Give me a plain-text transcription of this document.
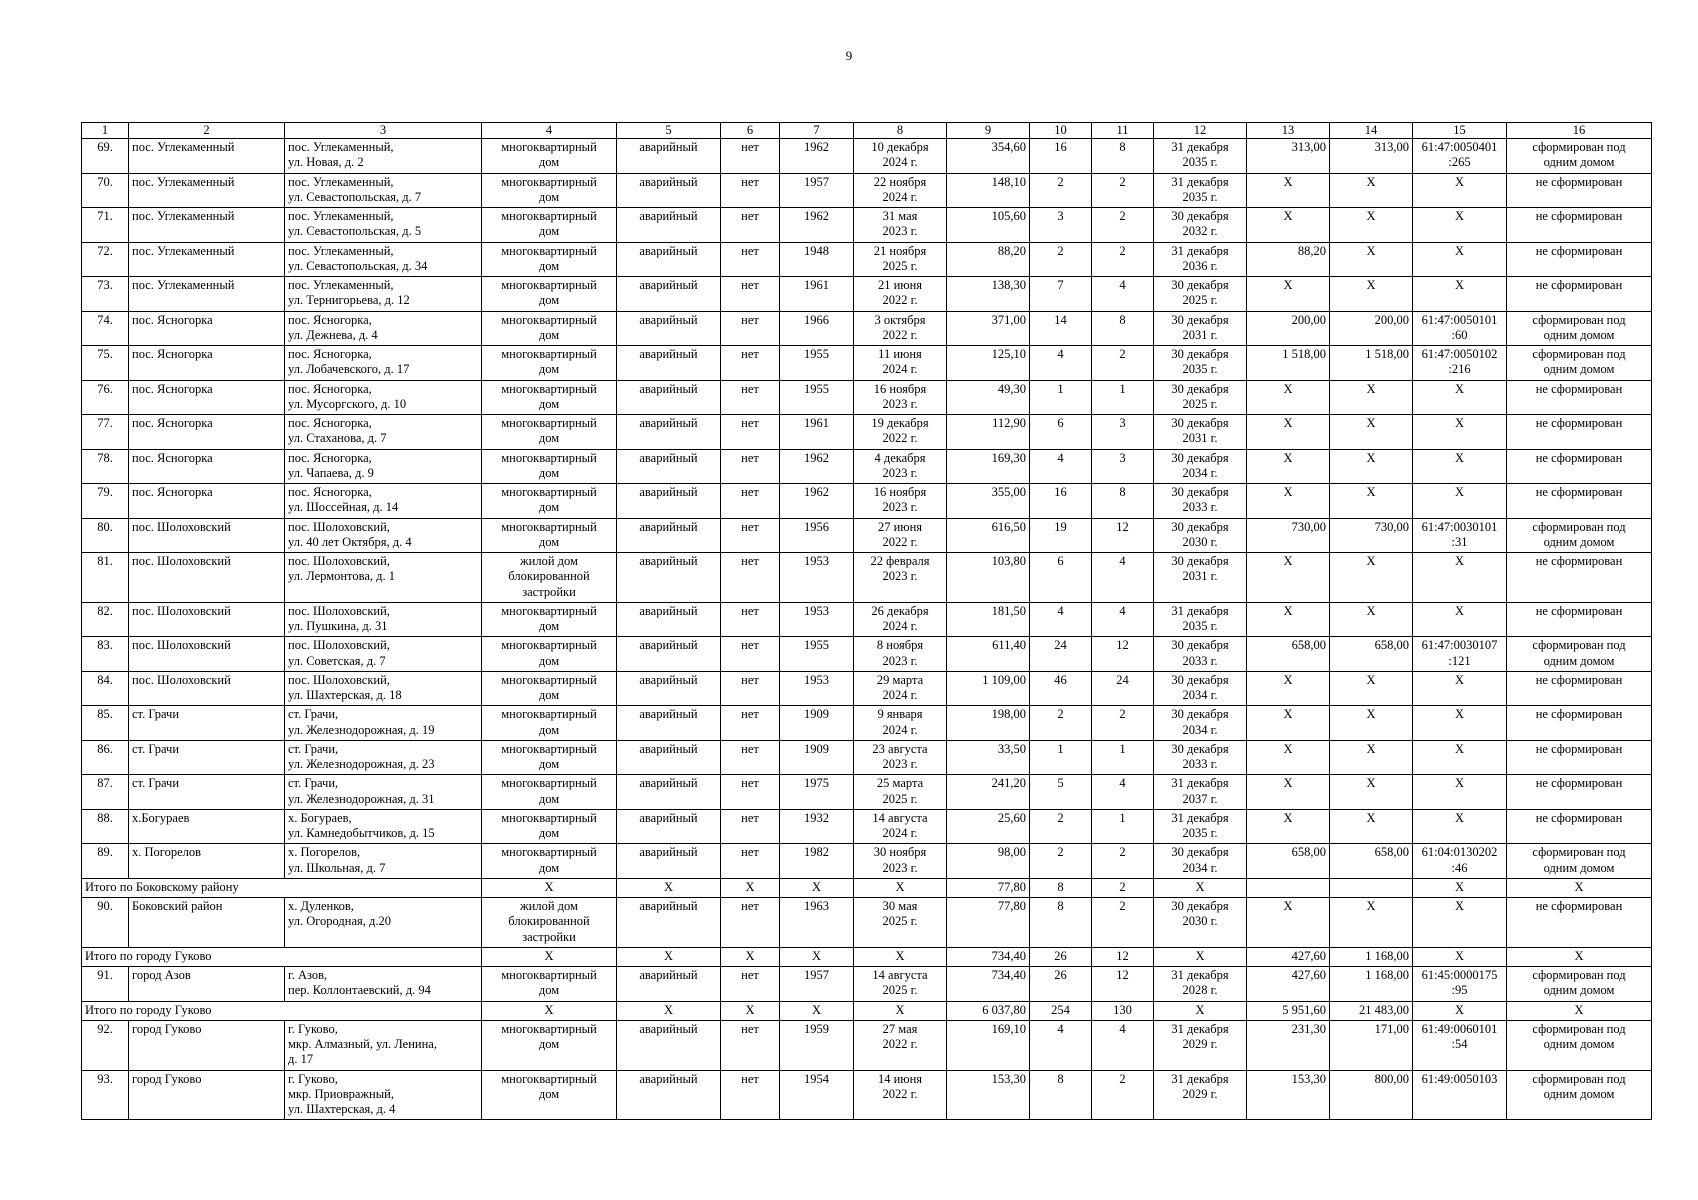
9
1	2	3	4	5	6	7	8	9	10	11	12	13	14	15	16
69.	пос. Углекаменный	пос. Углекаменный,
ул. Новая, д. 2	многоквартирный
дом	аварийный	нет	1962	10 декабря
2024 г.	354,60	16	8	31 декабря
2035 г.	313,00	313,00	61:47:0050401
:265	сформирован под
одним домом

70.	пос. Углекаменный	пос. Углекаменный,
ул. Севастопольская, д. 7	многоквартирный
дом	аварийный	нет	1957	22 ноября
2024 г.	148,10	2	2	31 декабря
2035 г.	X	X	X	не сформирован

71.	пос. Углекаменный	пос. Углекаменный,
ул. Севастопольская, д. 5	многоквартирный
дом	аварийный	нет	1962	31 мая
2023 г.	105,60	3	2	30 декабря
2032 г.	X	X	X	не сформирован

72.	пос. Углекаменный	пос. Углекаменный,
ул. Севастопольская, д. 34	многоквартирный
дом	аварийный	нет	1948	21 ноября
2025 г.	88,20	2	2	31 декабря
2036 г.	88,20	X	X	не сформирован

73.	пос. Углекаменный	пос. Углекаменный,
ул. Тернигорьева, д. 12	многоквартирный
дом	аварийный	нет	1961	21 июня
2022 г.	138,30	7	4	30 декабря
2025 г.	X	X	X	не сформирован

74.	пос. Ясногорка	пос. Ясногорка,
ул. Дежнева, д. 4	многоквартирный
дом	аварийный	нет	1966	3 октября
2022 г.	371,00	14	8	30 декабря
2031 г.	200,00	200,00	61:47:0050101
:60	сформирован под
одним домом

75.	пос. Ясногорка	пос. Ясногорка,
ул. Лобачевского, д. 17	многоквартирный
дом	аварийный	нет	1955	11 июня
2024 г.	125,10	4	2	30 декабря
2035 г.	1 518,00	1 518,00	61:47:0050102
:216	сформирован под
одним домом

76.	пос. Ясногорка	пос. Ясногорка,
ул. Мусоргского, д. 10	многоквартирный
дом	аварийный	нет	1955	16 ноября
2023 г.	49,30	1	1	30 декабря
2025 г.	X	X	X	не сформирован

77.	пос. Ясногорка	пос. Ясногорка,
ул. Стаханова, д. 7	многоквартирный
дом	аварийный	нет	1961	19 декабря
2022 г.	112,90	6	3	30 декабря
2031 г.	X	X	X	не сформирован

78.	пос. Ясногорка	пос. Ясногорка,
ул. Чапаева, д. 9	многоквартирный
дом	аварийный	нет	1962	4 декабря
2023 г.	169,30	4	3	30 декабря
2034 г.	X	X	X	не сформирован

79.	пос. Ясногорка	пос. Ясногорка,
ул. Шоссейная, д. 14	многоквартирный
дом	аварийный	нет	1962	16 ноября
2023 г.	355,00	16	8	30 декабря
2033 г.	X	X	X	не сформирован

80.	пос. Шолоховский	пос. Шолоховский,
ул. 40 лет Октября, д. 4	многоквартирный
дом	аварийный	нет	1956	27 июня
2022 г.	616,50	19	12	30 декабря
2030 г.	730,00	730,00	61:47:0030101
:31	сформирован под
одним домом

81.	пос. Шолоховский	пос. Шолоховский,
ул. Лермонтова, д. 1	жилой дом
блокированной
застройки	аварийный	нет	1953	22 февраля
2023 г.	103,80	6	4	30 декабря
2031 г.	X	X	X	не сформирован

82.	пос. Шолоховский	пос. Шолоховский,
ул. Пушкина, д. 31	многоквартирный
дом	аварийный	нет	1953	26 декабря
2024 г.	181,50	4	4	31 декабря
2035 г.	X	X	X	не сформирован

83.	пос. Шолоховский	пос. Шолоховский,
ул. Советская, д. 7	многоквартирный
дом	аварийный	нет	1955	8 ноября
2023 г.	611,40	24	12	30 декабря
2033 г.	658,00	658,00	61:47:0030107
:121	сформирован под
одним домом

84.	пос. Шолоховский	пос. Шолоховский,
ул. Шахтерская, д. 18	многоквартирный
дом	аварийный	нет	1953	29 марта
2024 г.	1 109,00	46	24	30 декабря
2034 г.	X	X	X	не сформирован

85.	ст. Грачи	ст. Грачи,
ул. Железнодорожная, д. 19	многоквартирный
дом	аварийный	нет	1909	9 января
2024 г.	198,00	2	2	30 декабря
2034 г.	X	X	X	не сформирован

86.	ст. Грачи	ст. Грачи,
ул. Железнодорожная, д. 23	многоквартирный
дом	аварийный	нет	1909	23 августа
2023 г.	33,50	1	1	30 декабря
2033 г.	X	X	X	не сформирован

87.	ст. Грачи	ст. Грачи,
ул. Железнодорожная, д. 31	многоквартирный
дом	аварийный	нет	1975	25 марта
2025 г.	241,20	5	4	31 декабря
2037 г.	X	X	X	не сформирован

88.	х.Богураев	х. Богураев,
ул. Камнедобытчиков, д. 15	многоквартирный
дом	аварийный	нет	1932	14 августа
2024 г.	25,60	2	1	31 декабря
2035 г.	X	X	X	не сформирован

89.	х. Погорелов	х. Погорелов,
ул. Школьная, д. 7	многоквартирный
дом	аварийный	нет	1982	30 ноября
2023 г.	98,00	2	2	30 декабря
2034 г.	658,00	658,00	61:04:0130202
:46	сформирован под
одним домом

Итого по Боковскому району			X	X	X	X	X	77,80	8	2	X			X	X
90.	Боковский район	х. Дуленков,
ул. Огородная, д.20	жилой дом
блокированной
застройки	аварийный	нет	1963	30 мая
2025 г.	77,80	8	2	30 декабря
2030 г.	X	X	X	не сформирован

Итого по городу Гуково			X	X	X	X	X	734,40	26	12	X	427,60	1 168,00	X	X
91.	город Азов	г. Азов,
пер. Коллонтаевский, д. 94	многоквартирный
дом	аварийный	нет	1957	14 августа
2025 г.	734,40	26	12	31 декабря
2028 г.	427,60	1 168,00	61:45:0000175
:95	сформирован под
одним домом

Итого по городу Гуково			X	X	X	X	X	6 037,80	254	130	X	5 951,60	21 483,00	X	X
92.	город Гуково	г. Гуково,
мкр. Алмазный, ул. Ленина,
д. 17	многоквартирный
дом	аварийный	нет	1959	27 мая
2022 г.	169,10	4	4	31 декабря
2029 г.	231,30	171,00	61:49:0060101
:54	сформирован под
одним домом

93.	город Гуково	г. Гуково,
мкр. Приовражный,
ул. Шахтерская, д. 4	многоквартирный
дом	аварийный	нет	1954	14 июня
2022 г.	153,30	8	2	31 декабря
2029 г.	153,30	800,00	61:49:0050103	сформирован под
одним домом
